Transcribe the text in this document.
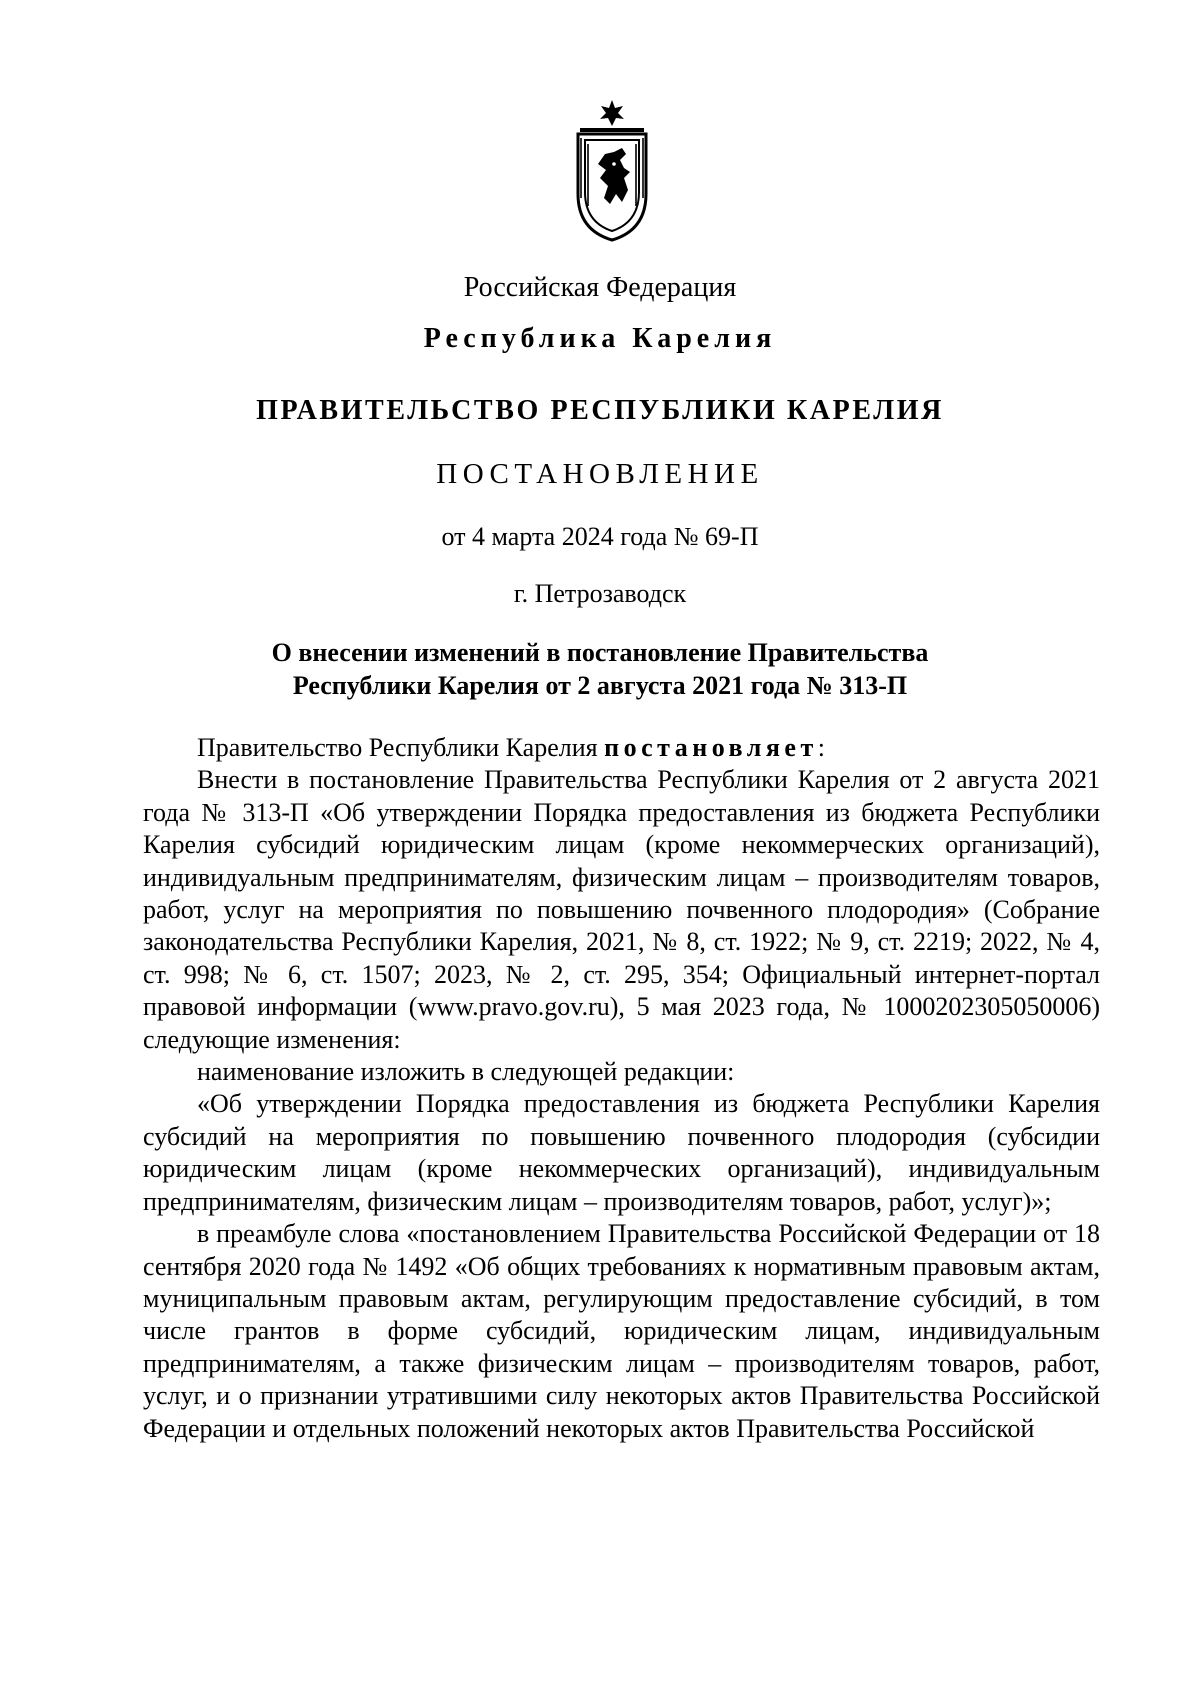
Российская Федерация
Республика Карелия
ПРАВИТЕЛЬСТВО РЕСПУБЛИКИ КАРЕЛИЯ
ПОСТАНОВЛЕНИЕ
от 4 марта 2024 года № 69-П
г. Петрозаводск
О внесении изменений в постановление Правительства
Республики Карелия от 2 августа 2021 года № 313-П

Правительство Республики Карелия постановляет:

Внести в постановление Правительства Республики Карелия от 2 августа 2021 года № 313-П «Об утверждении Порядка предоставления из бюджета Республики Карелия субсидий юридическим лицам (кроме некоммерческих организаций), индивидуальным предпринимателям, физическим лицам – производителям товаров, работ, услуг на мероприятия по повышению почвенного плодородия» (Собрание законодательства Республики Карелия, 2021, № 8, ст. 1922; № 9, ст. 2219; 2022, № 4, ст. 998; № 6, ст. 1507; 2023, № 2, ст. 295, 354; Официальный интернет-портал правовой информации (www.pravo.gov.ru), 5 мая 2023 года, № 1000202305050006) следующие изменения:

наименование изложить в следующей редакции:

«Об утверждении Порядка предоставления из бюджета Республики Карелия субсидий на мероприятия по повышению почвенного плодородия (субсидии юридическим лицам (кроме некоммерческих организаций), индивидуальным предпринимателям, физическим лицам – производителям товаров, работ, услуг)»;

в преамбуле слова «постановлением Правительства Российской Федерации от 18 сентября 2020 года № 1492 «Об общих требованиях к нормативным правовым актам, муниципальным правовым актам, регулирующим предоставление субсидий, в том числе грантов в форме субсидий, юридическим лицам, индивидуальным предпринимателям, а также физическим лицам – производителям товаров, работ, услуг, и о признании утратившими силу некоторых актов Правительства Российской Федерации и отдельных положений некоторых актов Правительства Российской
